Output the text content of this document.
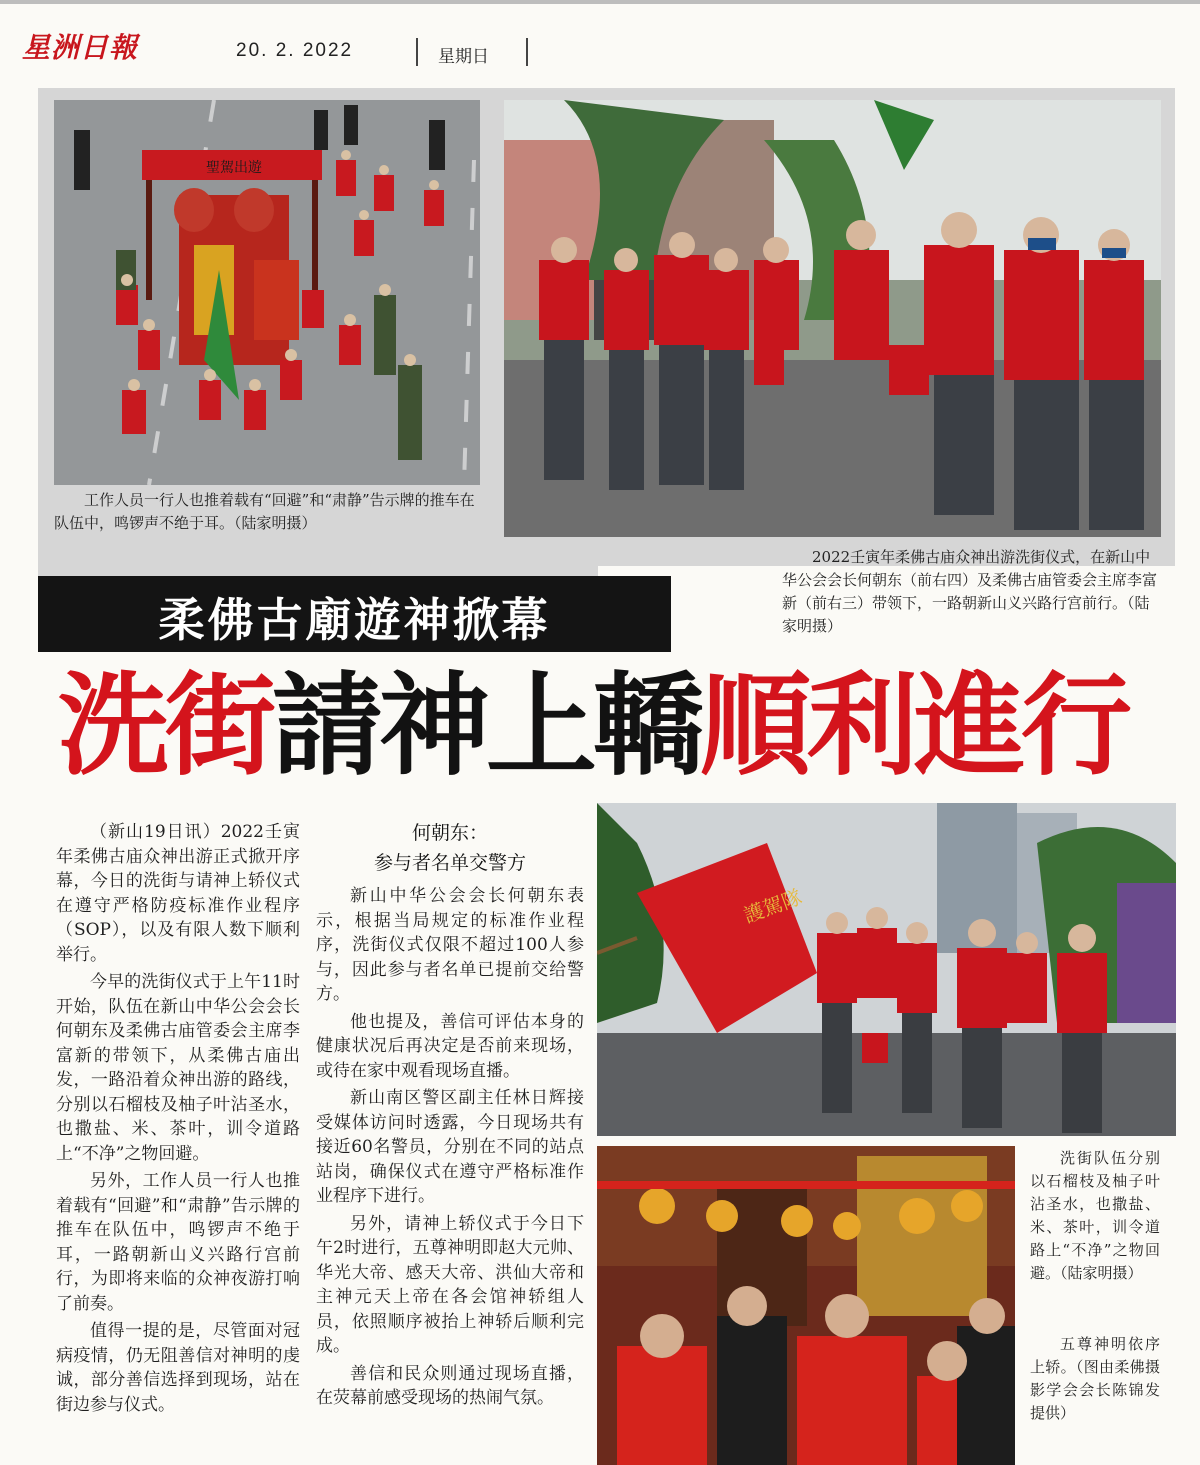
星洲日報	20. 2. 2022	星期日
聖駕出遊
工作人员一行人也推着载有“回避”和“肃静”告示牌的推车在队伍中，鸣锣声不绝于耳。（陆家明摄）
2022壬寅年柔佛古庙众神出游洗街仪式，在新山中华公会会长何朝东（前右四）及柔佛古庙管委会主席李富新（前右三）带领下，一路朝新山义兴路行宫前行。（陆家明摄）
柔佛古廟遊神掀幕
洗街請神上轎順利進行

（新山19日讯）2022壬寅年柔佛古庙众神出游正式掀开序幕，今日的洗街与请神上轿仪式在遵守严格防疫标准作业程序（SOP），以及有限人数下顺利举行。

今早的洗街仪式于上午11时开始，队伍在新山中华公会会长何朝东及柔佛古庙管委会主席李富新的带领下，从柔佛古庙出发，一路沿着众神出游的路线，分别以石榴枝及柚子叶沾圣水，也撒盐、米、茶叶，训令道路上“不净”之物回避。

另外，工作人员一行人也推着载有“回避”和“肃静”告示牌的推车在队伍中，鸣锣声不绝于耳，一路朝新山义兴路行宫前行，为即将来临的众神夜游打响了前奏。

值得一提的是，尽管面对冠病疫情，仍无阻善信对神明的虔诚，部分善信选择到现场，站在街边参与仪式。

何朝东：
参与者名单交警方

新山中华公会会长何朝东表示，根据当局规定的标准作业程序，洗街仪式仅限不超过100人参与，因此参与者名单已提前交给警方。

他也提及，善信可评估本身的健康状况后再决定是否前来现场，或待在家中观看现场直播。

新山南区警区副主任林日辉接受媒体访问时透露，今日现场共有接近60名警员，分别在不同的站点站岗，确保仪式在遵守严格标准作业程序下进行。

另外，请神上轿仪式于今日下午2时进行，五尊神明即赵大元帅、华光大帝、感天大帝、洪仙大帝和主神元天上帝在各会馆神轿组人员，依照顺序被抬上神轿后顺利完成。

善信和民众则通过现场直播，在荧幕前感受现场的热闹气氛。

護駕隊
洗街队伍分别以石榴枝及柚子叶沾圣水，也撒盐、米、茶叶，训令道路上“不净”之物回避。（陆家明摄）
五尊神明依序上轿。（图由柔佛摄影学会会长陈锦发提供）
